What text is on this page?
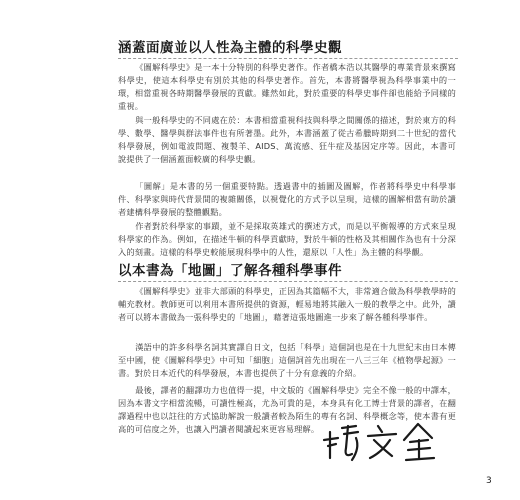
涵蓋面廣並以人性為主體的科學史觀

《圖解科學史》是一本十分特別的科學史著作。作者橋本浩以其醫學的專業背景來撰寫科學史，使這本科學史有別於其他的科學史著作。首先，本書將醫學視為科學事業中的一環，相當重視各時期醫學發展的貢獻。雖然如此，對於重要的科學史事件卻也能給予同樣的重視。

與一般科學史的不同處在於：本書相當重視科技與科學之間關係的描述，對於東方的科學、數學、醫學與群法事件也有所著墨。此外，本書涵蓋了從古希臘時期到二十世紀的當代科學發展，例如電波問題、複製羊、AIDS、萬流感、狂牛症及基因定序等。因此，本書可說提供了一個涵蓋面較廣的科學史觀。

「圖解」是本書的另一個重要特點。透過書中的插圖及圖解，作者將科學史中科學事件、科學家與時代背景間的複雜關係，以視覺化的方式予以呈現，這樣的圖解相當有助於讀者建構科學發展的整體觀點。

作者對於科學家的事蹟，並不是採取英雄式的撰述方式，而是以平衡報導的方式來呈現科學家的作為。例如，在描述牛頓的科學貢獻時，對於牛頓的性格及其相關作為也有十分深入的刻畫。這樣的科學史較能展現科學中的人性，還原以「人性」為主體的科學觀。

以本書為「地圖」了解各種科學事件

《圖解科學史》並非大部頭的科學史，正因為其篇幅不大，非常適合做為科學教學時的輔充教材。教師更可以利用本書所提供的資源，輕易地將其融入一般的教學之中。此外，讀者可以將本書做為一張科學史的「地圖」，藉著這張地圖進一步來了解各種科學事件。

漢語中的許多科學名詞其實譯自日文，包括「科學」這個詞也是在十九世紀末由日本傳至中國，使《圖解科學史》中可知「細胞」這個詞首先出現在一八三三年《植物學起源》一書。對於日本近代的科學發展，本書也提供了十分有意義的介紹。

最後，譯者的翻譯功力也值得一提，中文版的《圖解科學史》完全不像一般的中譯本，因為本書文字相當流暢，可讀性極高，尤為可貴的是，本身具有化工博士背景的譯者，在翻譯過程中也以註往的方式協助解說一般讀者較為陌生的專有名詞、科學概念等，使本書有更高的可信度之外，也讓入門讀者閱讀起來更容易理解。

3
